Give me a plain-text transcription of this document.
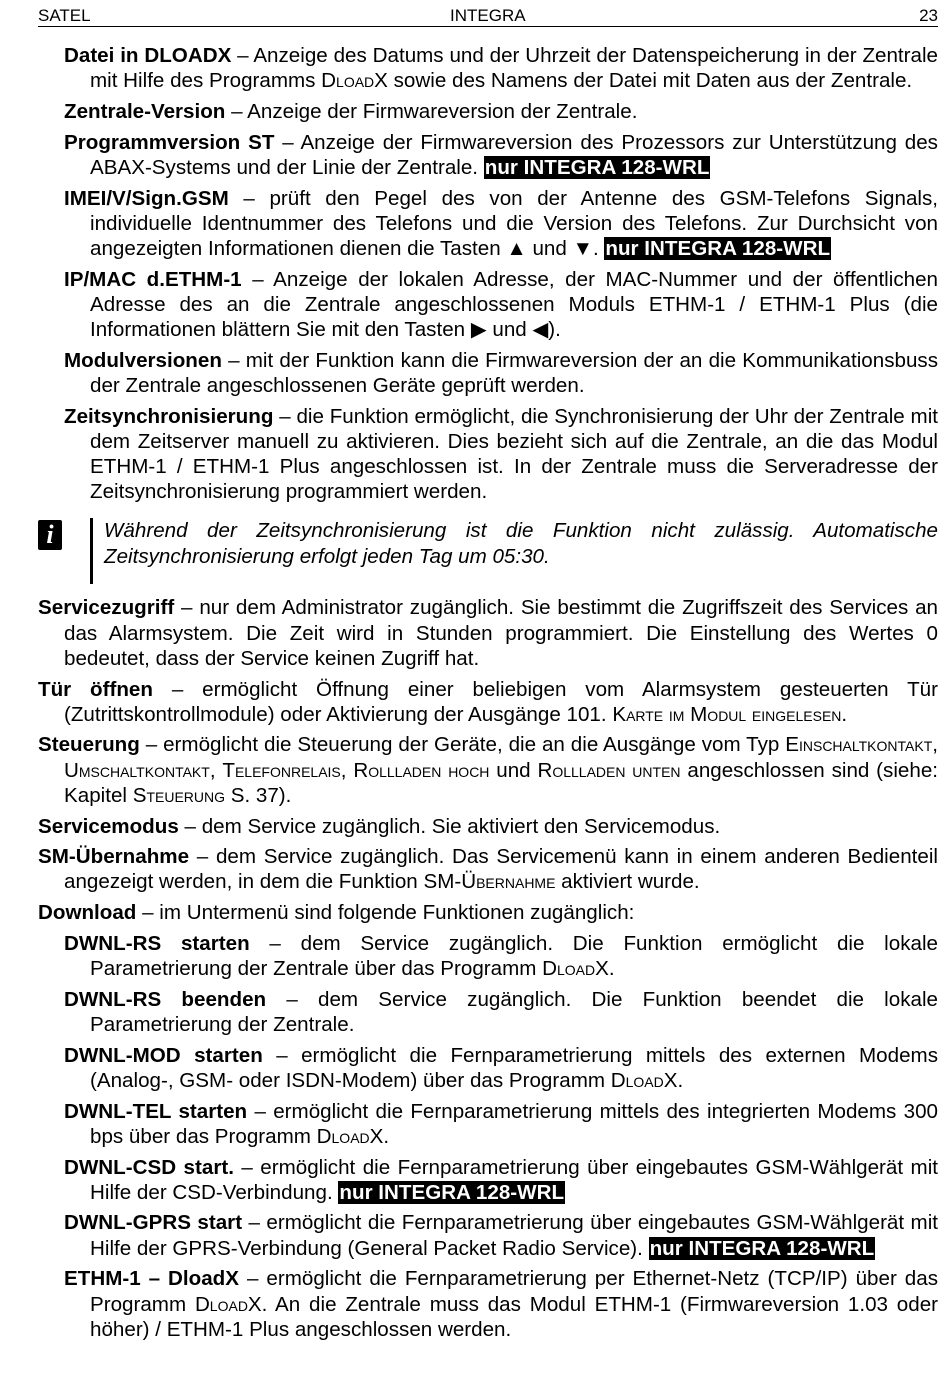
SATEL	INTEGRA	23
Datei in DLOADX – Anzeige des Datums und der Uhrzeit der Datenspeicherung in der Zentrale mit Hilfe des Programms DloadX sowie des Namens der Datei mit Daten aus der Zentrale.
Zentrale-Version – Anzeige der Firmwareversion der Zentrale.
Programmversion ST – Anzeige der Firmwareversion des Prozessors zur Unterstützung des ABAX-Systems und der Linie der Zentrale. nur INTEGRA 128-WRL
IMEI/V/Sign.GSM – prüft den Pegel des von der Antenne des GSM-Telefons Signals, individuelle Identnummer des Telefons und die Version des Telefons. Zur Durchsicht von angezeigten Informationen dienen die Tasten ▲ und ▼. nur INTEGRA 128-WRL
IP/MAC d.ETHM-1 – Anzeige der lokalen Adresse, der MAC-Nummer und der öffentlichen Adresse des an die Zentrale angeschlossenen Moduls ETHM-1 / ETHM-1 Plus (die Informationen blättern Sie mit den Tasten ▶ und ◀).
Modulversionen – mit der Funktion kann die Firmwareversion der an die Kommunikationsbuss der Zentrale angeschlossenen Geräte geprüft werden.
Zeitsynchronisierung – die Funktion ermöglicht, die Synchronisierung der Uhr der Zentrale mit dem Zeitserver manuell zu aktivieren. Dies bezieht sich auf die Zentrale, an die das Modul ETHM-1 / ETHM-1 Plus angeschlossen ist. In der Zentrale muss die Serveradresse der Zeitsynchronisierung programmiert werden.
i	Während der Zeitsynchronisierung ist die Funktion nicht zulässig. Automatische Zeitsynchronisierung erfolgt jeden Tag um 05:30.
Servicezugriff – nur dem Administrator zugänglich. Sie bestimmt die Zugriffszeit des Services an das Alarmsystem. Die Zeit wird in Stunden programmiert. Die Einstellung des Wertes 0 bedeutet, dass der Service keinen Zugriff hat.
Tür öffnen – ermöglicht Öffnung einer beliebigen vom Alarmsystem gesteuerten Tür (Zutrittskontrollmodule) oder Aktivierung der Ausgänge 101. Karte im Modul eingelesen.
Steuerung – ermöglicht die Steuerung der Geräte, die an die Ausgänge vom Typ Einschaltkontakt, Umschaltkontakt, Telefonrelais, Rollladen hoch und Rollladen unten angeschlossen sind (siehe: Kapitel Steuerung S. 37).
Servicemodus – dem Service zugänglich. Sie aktiviert den Servicemodus.
SM-Übernahme – dem Service zugänglich. Das Servicemenü kann in einem anderen Bedienteil angezeigt werden, in dem die Funktion SM-Übernahme aktiviert wurde.
Download – im Untermenü sind folgende Funktionen zugänglich:
DWNL-RS starten – dem Service zugänglich. Die Funktion ermöglicht die lokale Parametrierung der Zentrale über das Programm DloadX.
DWNL-RS beenden – dem Service zugänglich. Die Funktion beendet die lokale Parametrierung der Zentrale.
DWNL-MOD starten – ermöglicht die Fernparametrierung mittels des externen Modems (Analog-, GSM- oder ISDN-Modem) über das Programm DloadX.
DWNL-TEL starten – ermöglicht die Fernparametrierung mittels des integrierten Modems 300 bps über das Programm DloadX.
DWNL-CSD start. – ermöglicht die Fernparametrierung über eingebautes GSM-Wählgerät mit Hilfe der CSD-Verbindung. nur INTEGRA 128-WRL
DWNL-GPRS start – ermöglicht die Fernparametrierung über eingebautes GSM-Wählgerät mit Hilfe der GPRS-Verbindung (General Packet Radio Service). nur INTEGRA 128-WRL
ETHM-1 – DloadX – ermöglicht die Fernparametrierung per Ethernet-Netz (TCP/IP) über das Programm DloadX. An die Zentrale muss das Modul ETHM-1 (Firmwareversion 1.03 oder höher) / ETHM-1 Plus angeschlossen werden.
